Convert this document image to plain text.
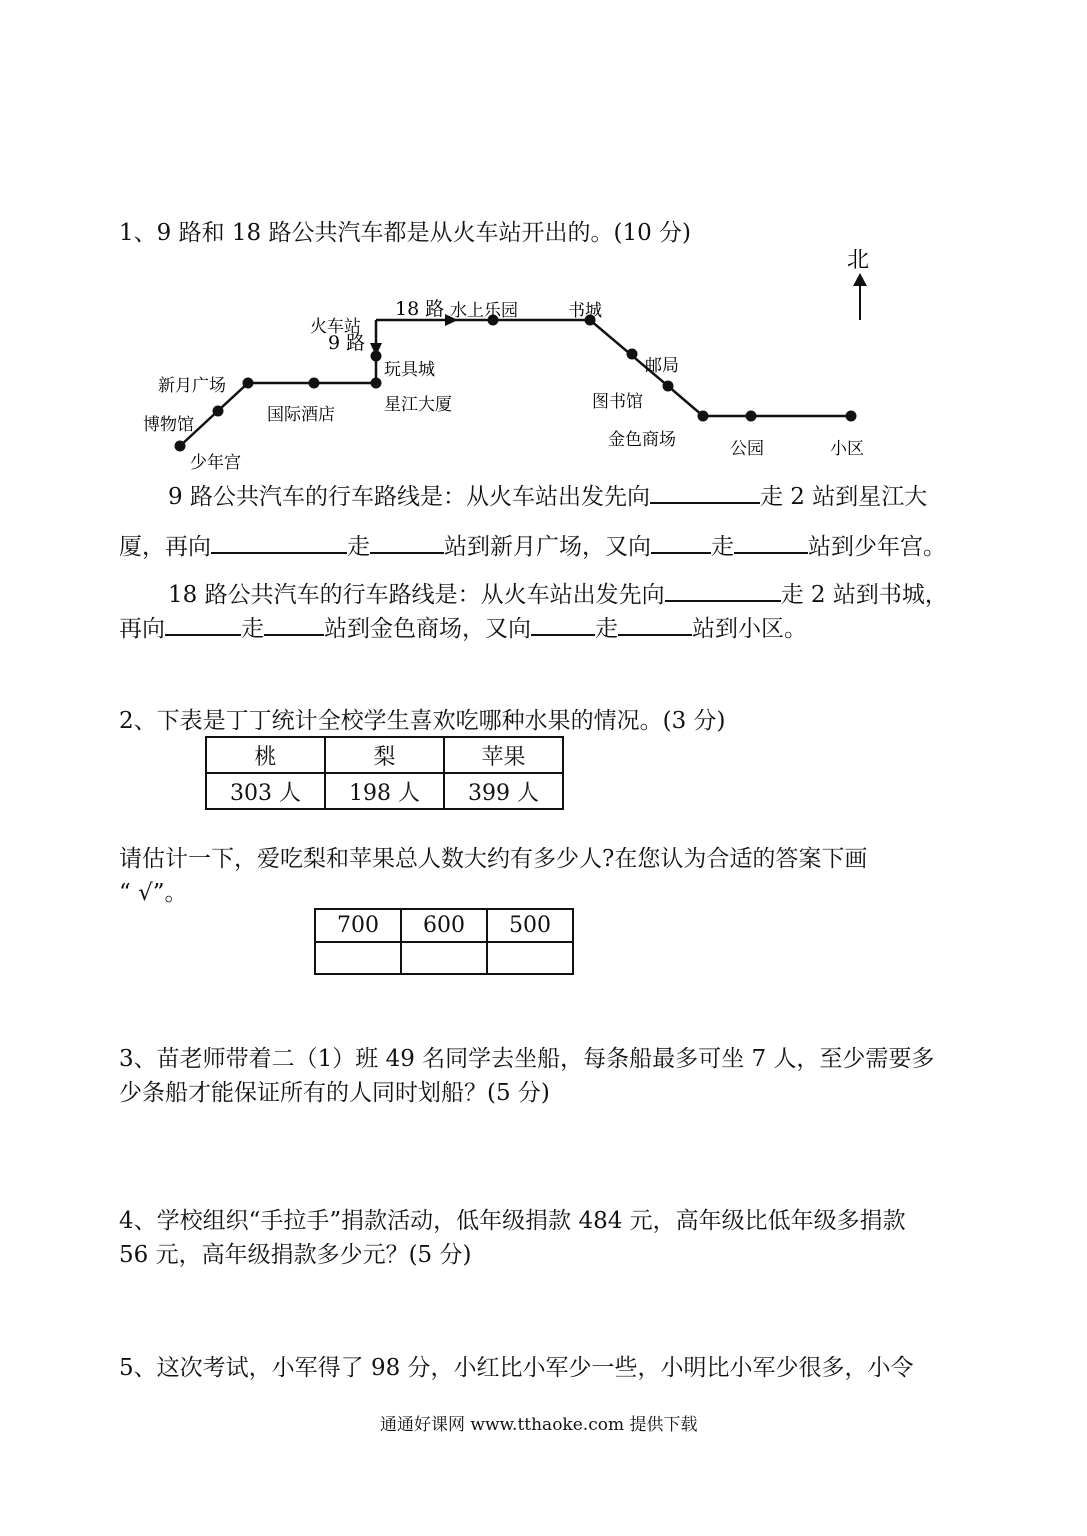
1、9 路和 18 路公共汽车都是从火车站开出的。(10 分)
北
18 路
9 路
火车站
水上乐园	书城
邮局
图书馆
金色商场	公园	小区
玩具城
星江大厦
国际酒店
新月广场
博物馆
少年宫
9 路公共汽车的行车路线是：从火车站出发先向	走 2 站到星江大
厦，再向	走	站到新月广场，又向	走	站到少年宫。
18 路公共汽车的行车路线是：从火车站出发先向	走 2 站到书城，
再向	走	站到金色商场，又向	走	站到小区。
2、下表是丁丁统计全校学生喜欢吃哪种水果的情况。(3 分)
桃	梨	苹果
303 人	198 人	399 人
请估计一下，爱吃梨和苹果总人数大约有多少人?在您认为合适的答案下画
“ √”。
700	600	500

3、苗老师带着二（1）班 49 名同学去坐船，每条船最多可坐 7 人，至少需要多
少条船才能保证所有的人同时划船？(5 分)
4、学校组织“手拉手”捐款活动，低年级捐款 484 元，高年级比低年级多捐款
56 元，高年级捐款多少元？(5 分)
5、这次考试，小军得了 98 分，小红比小军少一些，小明比小军少很多，小令
通通好课网 www.tthaoke.com 提供下载
